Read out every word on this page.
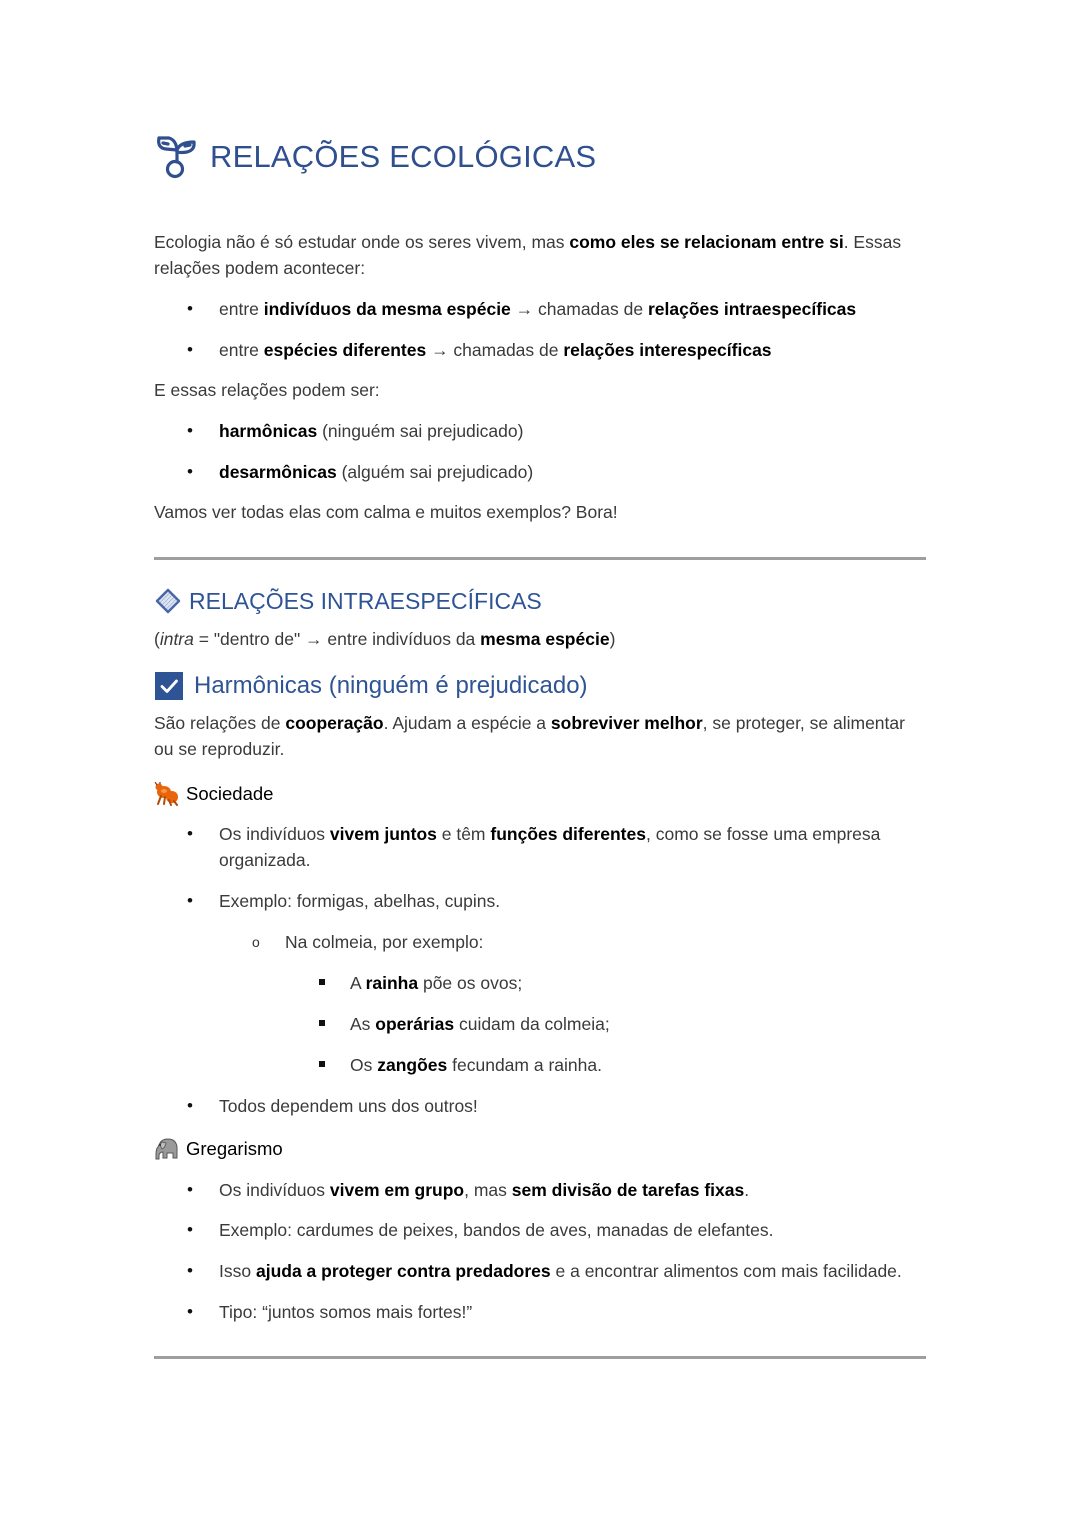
RELAÇÕES ECOLÓGICAS
Ecologia não é só estudar onde os seres vivem, mas como eles se relacionam entre si. Essas relações podem acontecer:
• entre indivíduos da mesma espécie → chamadas de relações intraespecíficas
• entre espécies diferentes → chamadas de relações interespecíficas
E essas relações podem ser:
• harmônicas (ninguém sai prejudicado)
• desarmônicas (alguém sai prejudicado)
Vamos ver todas elas com calma e muitos exemplos? Bora!
RELAÇÕES INTRAESPECÍFICAS
(intra = "dentro de" → entre indivíduos da mesma espécie)
Harmônicas (ninguém é prejudicado)
São relações de cooperação. Ajudam a espécie a sobreviver melhor, se proteger, se alimentar ou se reproduzir.
Sociedade
• Os indivíduos vivem juntos e têm funções diferentes, como se fosse uma empresa organizada.
• Exemplo: formigas, abelhas, cupins.
o Na colmeia, por exemplo:
A rainha põe os ovos;
As operárias cuidam da colmeia;
Os zangões fecundam a rainha.
• Todos dependem uns dos outros!
Gregarismo
• Os indivíduos vivem em grupo, mas sem divisão de tarefas fixas.
• Exemplo: cardumes de peixes, bandos de aves, manadas de elefantes.
• Isso ajuda a proteger contra predadores e a encontrar alimentos com mais facilidade.
• Tipo: “juntos somos mais fortes!”
